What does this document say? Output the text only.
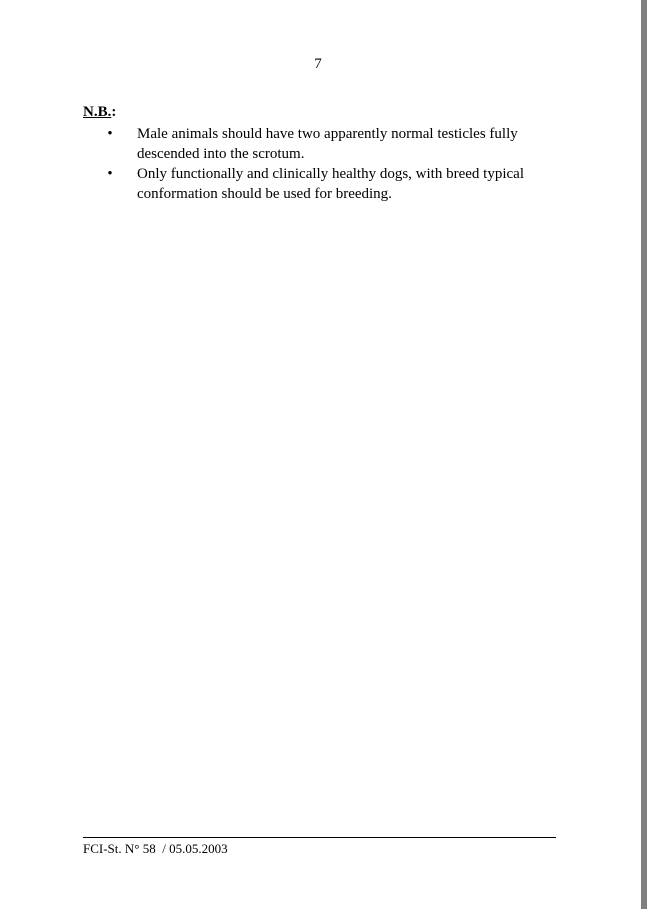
7
N.B.:
• Male animals should have two apparently normal testicles fully descended into the scrotum.
• Only functionally and clinically healthy dogs, with breed typical conformation should be used for breeding.
FCI-St. N° 58  / 05.05.2003
